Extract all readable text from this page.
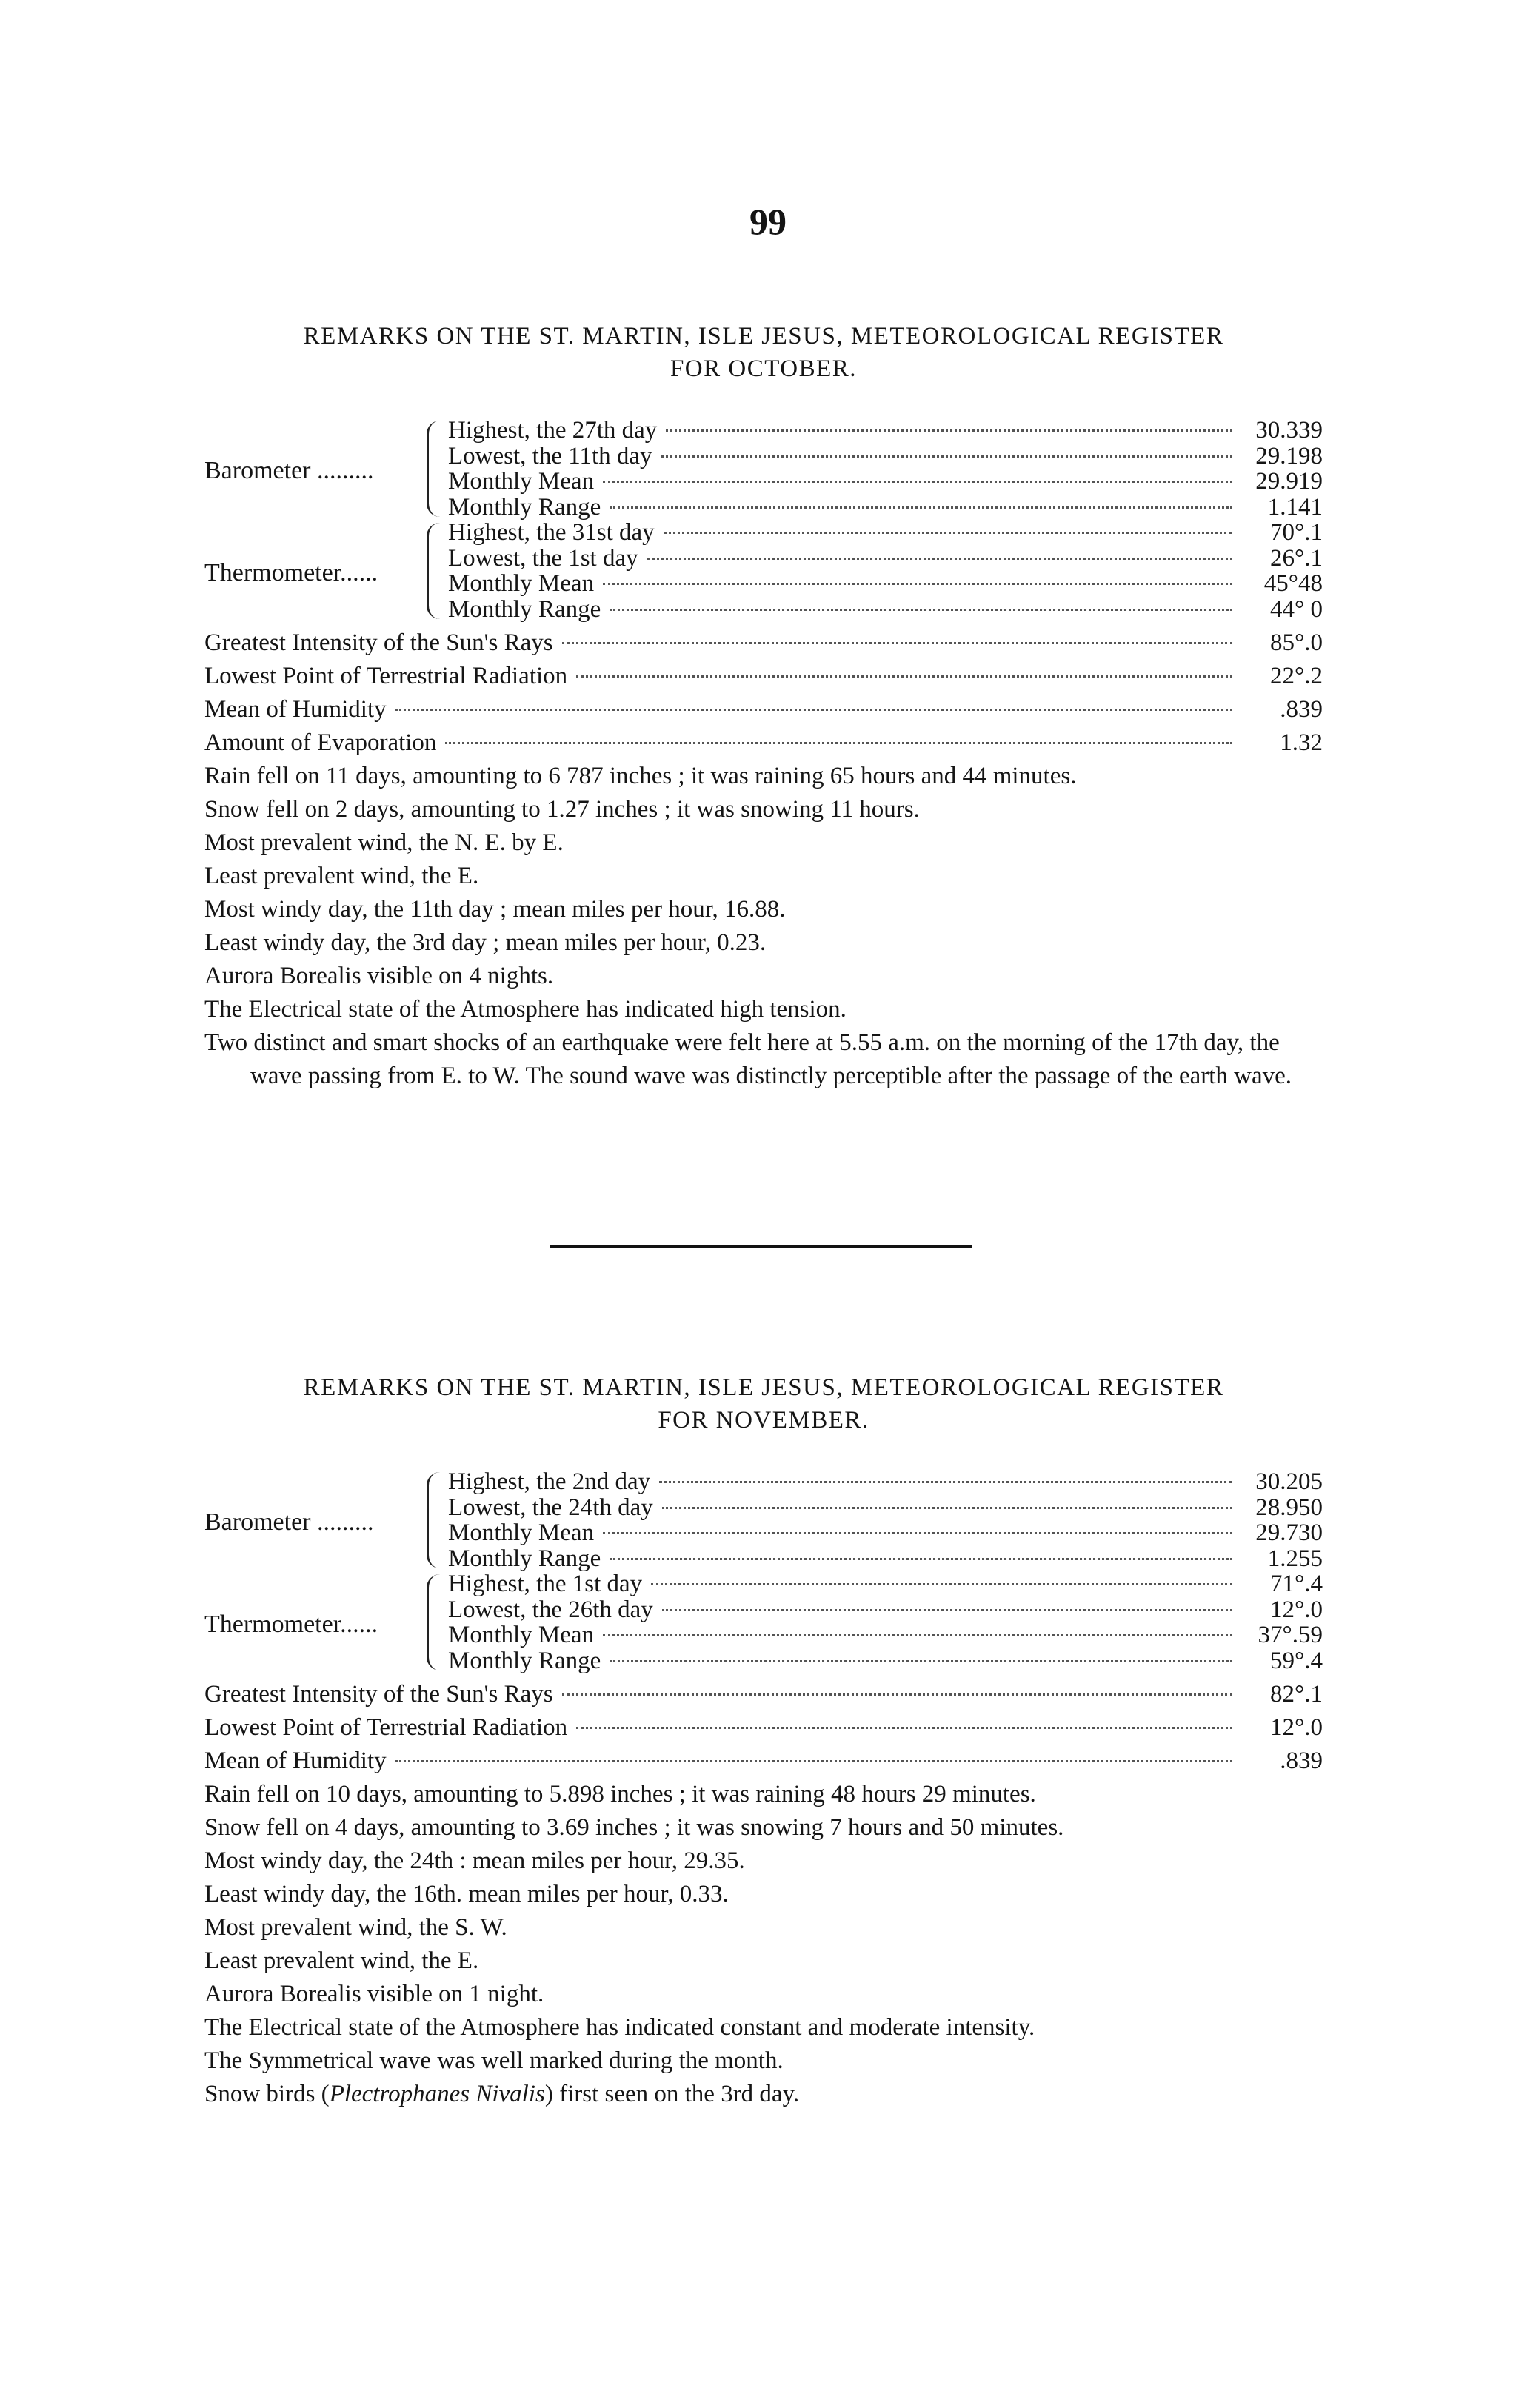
99
REMARKS ON THE ST. MARTIN, ISLE JESUS, METEOROLOGICAL REGISTER
FOR OCTOBER.
Barometer .........
Highest, the 27th day	30.339
Lowest, the 11th day	29.198
Monthly Mean	29.919
Monthly Range	1.141
Thermometer......
Highest, the 31st day	70°.1
Lowest, the 1st day	26°.1
Monthly Mean	45°48
Monthly Range	44° 0
Greatest Intensity of the Sun's Rays	85°.0
Lowest Point of Terrestrial Radiation	22°.2
Mean of Humidity	.839
Amount of Evaporation	1.32
Rain fell on 11 days, amounting to 6 787 inches ; it was raining 65 hours and 44 minutes.
Snow fell on 2 days, amounting to 1.27 inches ; it was snowing 11 hours.
Most prevalent wind, the N. E. by E.
Least prevalent wind, the E.
Most windy day, the 11th day ; mean miles per hour, 16.88.
Least windy day, the 3rd day ; mean miles per hour, 0.23.
Aurora Borealis visible on 4 nights.
The Electrical state of the Atmosphere has indicated high tension.
Two distinct and smart shocks of an earthquake were felt here at 5.55 a.m. on the morning of the 17th day, the wave passing from E. to W. The sound wave was distinctly perceptible after the passage of the earth wave.
REMARKS ON THE ST. MARTIN, ISLE JESUS, METEOROLOGICAL REGISTER
FOR NOVEMBER.
Barometer .........
Highest, the 2nd day	30.205
Lowest, the 24th day	28.950
Monthly Mean	29.730
Monthly Range	1.255
Thermometer......
Highest, the 1st day	71°.4
Lowest, the 26th day	12°.0
Monthly Mean	37°.59
Monthly Range	59°.4
Greatest Intensity of the Sun's Rays	82°.1
Lowest Point of Terrestrial Radiation	12°.0
Mean of Humidity	.839
Rain fell on 10 days, amounting to 5.898 inches ; it was raining 48 hours 29 minutes.
Snow fell on 4 days, amounting to 3.69 inches ; it was snowing 7 hours and 50 minutes.
Most windy day, the 24th : mean miles per hour, 29.35.
Least windy day, the 16th. mean miles per hour, 0.33.
Most prevalent wind, the S. W.
Least prevalent wind, the E.
Aurora Borealis visible on 1 night.
The Electrical state of the Atmosphere has indicated constant and moderate intensity.
The Symmetrical wave was well marked during the month.
Snow birds (Plectrophanes Nivalis) first seen on the 3rd day.
